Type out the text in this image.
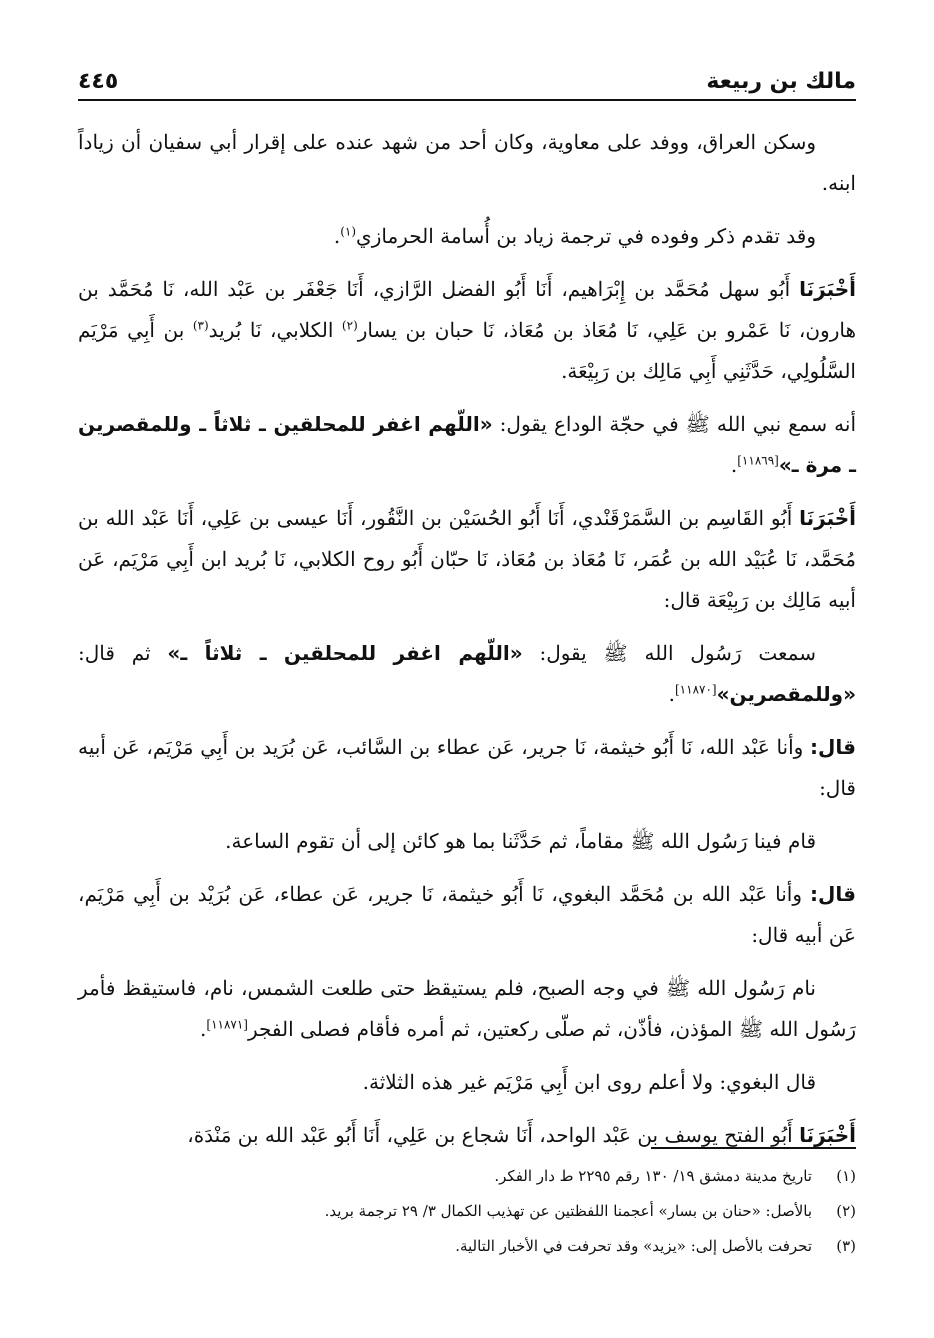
مالك بن ربيعة
٤٤٥

وسكن العراق، ووفد على معاوية، وكان أحد من شهد عنده على إقرار أبي سفيان أن زياداً ابنه.

وقد تقدم ذكر وفوده في ترجمة زياد بن أُسامة الحرمازي$^{(١)}$.

أَخْبَرَنَا أَبُو سهل مُحَمَّد بن إِبْرَاهيم، أَنَا أَبُو الفضل الرَّازي، أَنَا جَعْفَر بن عَبْد الله، نَا مُحَمَّد بن هارون، نَا عَمْرو بن عَلِي، نَا مُعَاذ بن مُعَاذ، نَا حبان بن يسار$^{(٢)}$ الكلابي، نَا بُريد$^{(٣)}$ بن أَبِي مَرْيَم السَّلُولِي، حَدَّثَنِي أَبِي مَالِك بن رَبِيْعَة.

أنه سمع نبي الله ﷺ في حجّة الوداع يقول: «اللّهم اغفر للمحلقين ـ ثلاثاً ـ وللمقصرين ـ مرة ـ»[١١٨٦٩].

أَخْبَرَنَا أَبُو القَاسِم بن السَّمَرْقَنْدي، أَنَا أَبُو الحُسَيْن بن النَّقُور، أَنَا عيسى بن عَلِي، أَنَا عَبْد الله بن مُحَمَّد، نَا عُبَيْد الله بن عُمَر، نَا مُعَاذ بن مُعَاذ، نَا حبّان أَبُو روح الكلابي، نَا بُريد ابن أَبِي مَرْيَم، عَن أبيه مَالِك بن رَبِيْعَة قال:

سمعت رَسُول الله ﷺ يقول: «اللّهم اغفر للمحلقين ـ ثلاثاً ـ» ثم قال: «وللمقصرين»[١١٨٧٠].

قال: وأنا عَبْد الله، نَا أَبُو خيثمة، نَا جرير، عَن عطاء بن السَّائب، عَن بُرَيد بن أَبِي مَرْيَم، عَن أبيه قال:

قام فينا رَسُول الله ﷺ مقاماً، ثم حَدَّثَنا بما هو كائن إلى أن تقوم الساعة.

قال: وأنا عَبْد الله بن مُحَمَّد البغوي، نَا أَبُو خيثمة، نَا جرير، عَن عطاء، عَن بُرَيْد بن أَبِي مَرْيَم، عَن أبيه قال:

نام رَسُول الله ﷺ في وجه الصبح، فلم يستيقظ حتى طلعت الشمس، نام، فاستيقظ فأمر رَسُول الله ﷺ المؤذن، فأذّن، ثم صلّى ركعتين، ثم أمره فأقام فصلى الفجر[١١٨٧١].

قال البغوي: ولا أعلم روى ابن أَبِي مَرْيَم غير هذه الثلاثة.

أَخْبَرَنَا أَبُو الفتح يوسف بن عَبْد الواحد، أَنَا شجاع بن عَلِي، أَنَا أَبُو عَبْد الله بن مَنْدَة،

(١)
تاريخ مدينة دمشق ١٩/ ١٣٠ رقم ٢٢٩٥ ط دار الفكر.
(٢)
بالأصل: «حنان بن بسار» أعجمنا اللفظتين عن تهذيب الكمال ٣/ ٢٩ ترجمة بريد.
(٣)
تحرفت بالأصل إلى: «يزيد» وقد تحرفت في الأخبار التالية.
